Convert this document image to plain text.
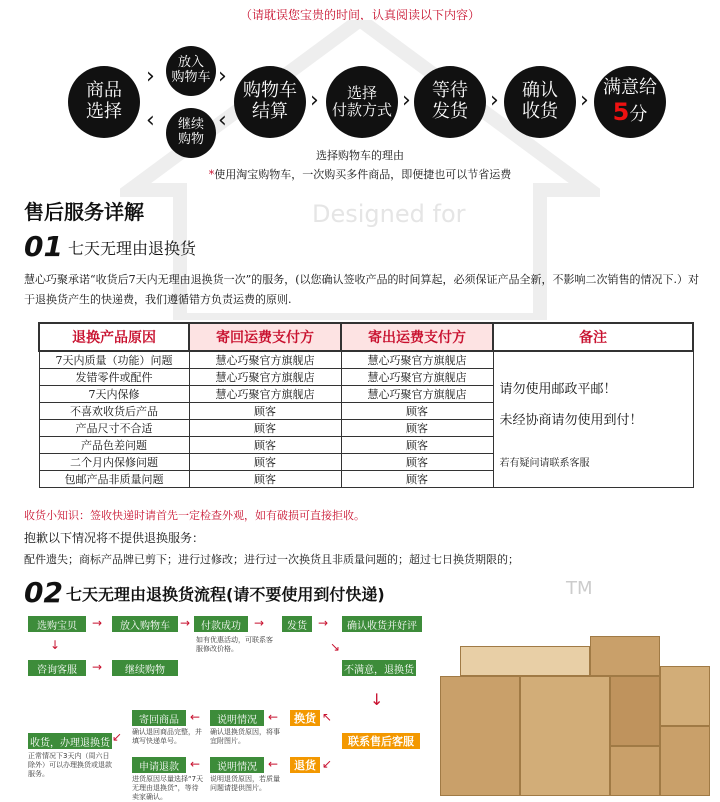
（请耽误您宝贵的时间，认真阅读以下内容）
商品
选择
›
‹
放入
购物车
继续
购物
›
‹
购物车
结算	›	选择
付款方式 › 等待
发货 › 确认
收货 ›
满意给
5分
选择购物车的理由
*使用淘宝购物车，一次购买多件商品，即便捷也可以节省运费
售后服务详解	Designed for
01 七天无理由退换货
慧心巧聚承诺“收货后7天内无理由退换货一次”的服务，(以您确认签收产品的时间算起，必须保证产品全新，不影响二次销售的情况下.）对于退换货产生的快递费，我们遵循错方负责运费的原则.
退换产品原因	寄回运费支付方	寄出运费支付方	备注
7天内质量（功能）问题	慧心巧聚官方旗舰店	慧心巧聚官方旗舰店	请勿使用邮政平邮！
未经协商请勿使用到付！
若有疑问请联系客服

发错零件或配件	慧心巧聚官方旗舰店	慧心巧聚官方旗舰店	
7天内保修	慧心巧聚官方旗舰店	慧心巧聚官方旗舰店	
不喜欢收货后产品	顾客	顾客	
产品尺寸不合适	顾客	顾客	
产品色差问题	顾客	顾客	
二个月内保修问题	顾客	顾客	
包邮产品非质量问题	顾客	顾客	
收货小知识：签收快递时请首先一定检查外观，如有破损可直接拒收。
抱歉以下情况将不提供退换服务：
配件遗失；商标产品牌已剪下；进行过修改；进行过一次换货且非质量问题的；超过七日换货期限的；
02 七天无理由退换货流程(请不要使用到付快递)	TM
选购宝贝	→	放入购物车 →	付款成功	→	发货 →	确认收货并好评
如有优惠活动，可联系客服修改价格。
↓
咨询客服	→	继续购物
↘
不满意，退换货
↓
换货
联系售后客服
退货
↖
↙
寄回商品 ←	说明情况 ←
确认退回商品完整，并填写快递单号。
确认退换货原因，将事宜附图片。
↙
收货，办理退换货
正常情况下3天内（周六日除外）可以办理换货或退款服务。
申请退款 ←	说明情况 ←
进货原因尽量选择“7天无理由退换货”，等待卖家确认。
说明退货原因，若质量问题请提供图片。
